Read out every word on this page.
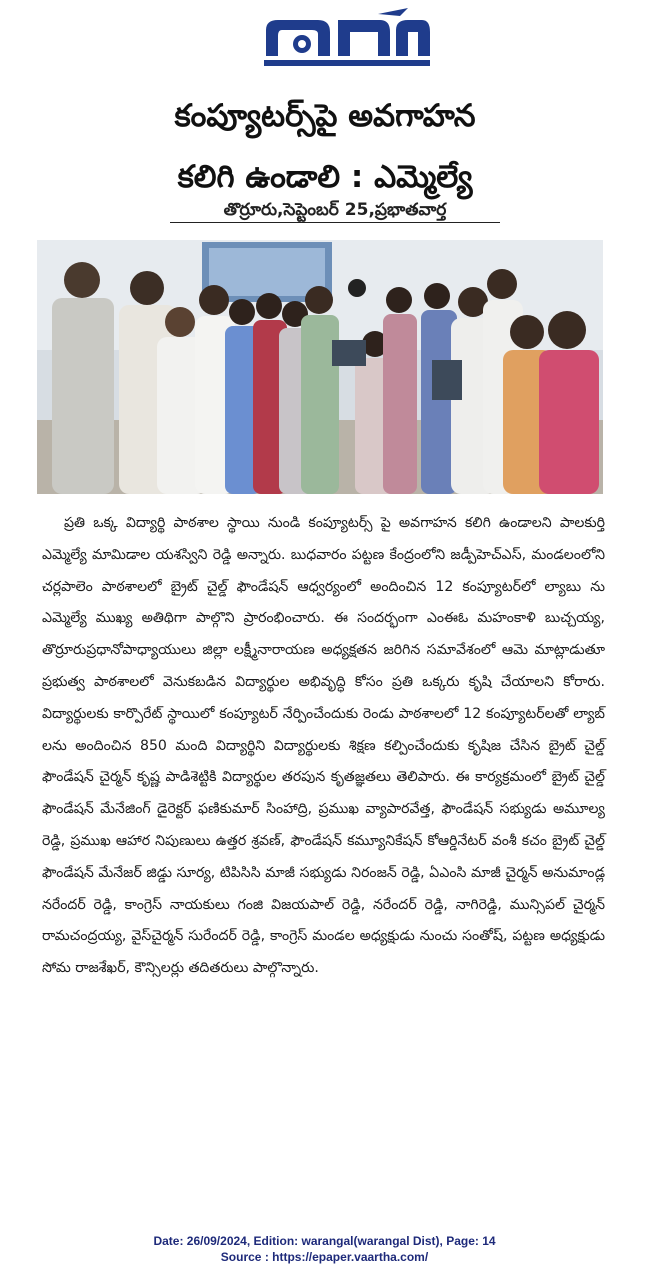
కంప్యూటర్స్‌పై అవగాహన
కలిగి ఉండాలి : ఎమ్మెల్యే
తొర్రూరు,సెప్టెంబర్ 25,ప్రభాతవార్త
ప్రతి ఒక్క విద్యార్థి పాఠశాల స్థాయి నుండి కంప్యూటర్స్ పై అవగాహన కలిగి ఉండాలని పాలకుర్తి ఎమ్మెల్యే మామిడాల యశస్విని రెడ్డి అన్నారు. బుధవారం పట్టణ కేంద్రంలోని జడ్పీహెచ్ఎస్, మండలంలోని చర్లపాలెం పాఠశాలలో బ్రైట్ చైల్డ్ ఫౌండేషన్ ఆధ్వర్యంలో అందించిన 12 కంప్యూటర్‌లో ల్యాబు ను ఎమ్మెల్యే ముఖ్య అతిథిగా పాల్గొని ప్రారంభించారు. ఈ సందర్భంగా ఎంఈఓ మహంకాళి బుచ్చయ్య, తొర్రూరుప్రధానోపాధ్యాయులు జిల్లా లక్ష్మీనారాయణ అధ్యక్షతన జరిగిన సమావేశంలో ఆమె మాట్లాడుతూ ప్రభుత్వ పాఠశాలలో వెనుకబడిన విద్యార్థుల అభివృద్ధి కోసం ప్రతి ఒక్కరు కృషి చేయాలని కోరారు. విద్యార్థులకు కార్పొరేట్ స్థాయిలో కంప్యూటర్ నేర్పించేందుకు రెండు పాఠశాలలో 12 కంప్యూటర్‌లతో ల్యాబ్ లను అందించిన 850 మంది విద్యార్థిని విద్యార్థులకు శిక్షణ కల్పించేందుకు కృషిజ చేసిన బ్రైట్ చైల్డ్ ఫౌండేషన్ చైర్మన్ కృష్ణ పాడిశెట్టికి విద్యార్థుల తరపున కృతజ్ఞతలు తెలిపారు. ఈ కార్యక్రమంలో బ్రైట్ చైల్డ్ ఫౌండేషన్ మేనేజింగ్ డైరెక్టర్ ఫణికుమార్ సింహాద్రి, ప్రముఖ వ్యాపారవేత్త, ఫౌండేషన్ సభ్యుడు అమూల్య రెడ్డి, ప్రముఖ ఆహార నిపుణులు ఉత్తర శ్రవణ్, ఫౌండేషన్ కమ్యూనికేషన్ కోఆర్డినేటర్ వంశీ కచం బ్రైట్ చైల్డ్ ఫౌండేషన్ మేనేజర్ జిడ్డు సూర్య, టిపిసిసి మాజీ సభ్యుడు నిరంజన్ రెడ్డి, ఏఎంసి మాజీ చైర్మన్ అనుమాండ్ల నరేందర్ రెడ్డి, కాంగ్రెస్ నాయకులు గంజి విజయపాల్ రెడ్డి, నరేందర్ రెడ్డి, నాగిరెడ్డి, మున్సిపల్ చైర్మన్ రామచంద్రయ్య, వైస్‌చైర్మన్ సురేందర్ రెడ్డి, కాంగ్రెస్ మండల అధ్యక్షుడు నుంచు సంతోష్, పట్టణ అధ్యక్షుడు సోమ రాజశేఖర్, కౌన్సిలర్లు తదితరులు పాల్గొన్నారు.
Date: 26/09/2024, Edition: warangal(warangal Dist), Page: 14
Source : https://epaper.vaartha.com/
